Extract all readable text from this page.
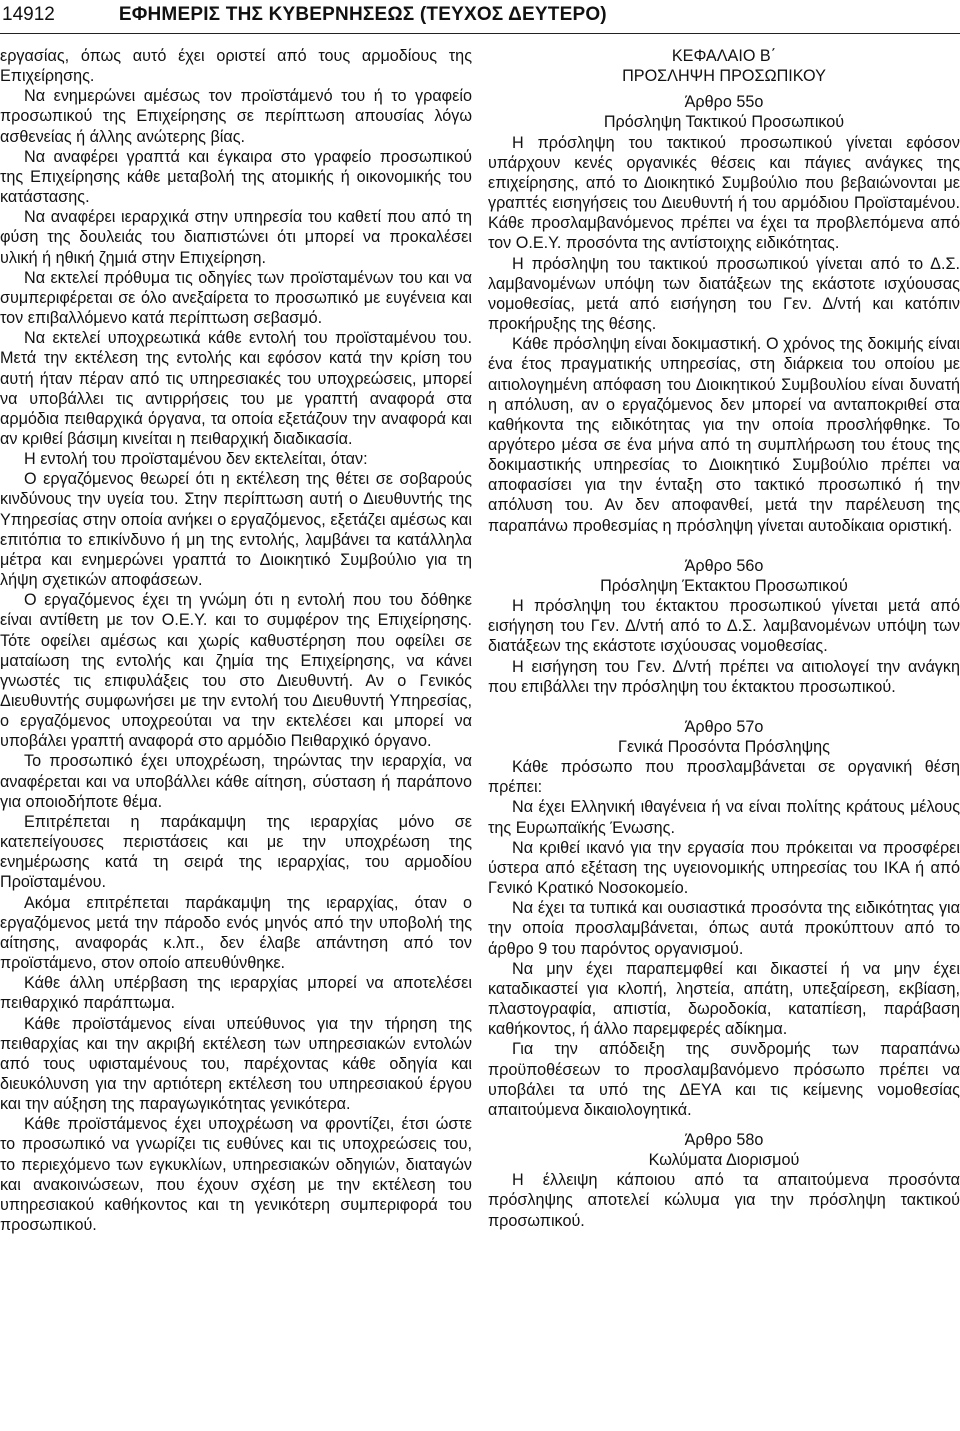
14912	ΕΦΗΜΕΡΙΣ ΤΗΣ ΚΥΒΕΡΝΗΣΕΩΣ (ΤΕΥΧΟΣ ΔΕΥΤΕΡΟ)

εργασίας, όπως αυτό έχει οριστεί από τους αρμοδίους της Επιχείρησης.

Να ενημερώνει αμέσως τον προϊστάμενό του ή το γραφείο προσωπικού της Επιχείρησης σε περίπτωση απουσίας λόγω ασθενείας ή άλλης ανώτερης βίας.

Να αναφέρει γραπτά και έγκαιρα στο γραφείο προσωπικού της Επιχείρησης κάθε μεταβολή της ατομικής ή οικονομικής του κατάστασης.

Να αναφέρει ιεραρχικά στην υπηρεσία του καθετί που από τη φύση της δουλειάς του διαπιστώνει ότι μπορεί να προκαλέσει υλική ή ηθική ζημιά στην Επιχείρηση.

Να εκτελεί πρόθυμα τις οδηγίες των προϊσταμένων του και να συμπεριφέρεται σε όλο ανεξαίρετα το προσωπικό με ευγένεια και τον επιβαλλόμενο κατά περίπτωση σεβασμό.

Να εκτελεί υποχρεωτικά κάθε εντολή του προϊσταμένου του. Μετά την εκτέλεση της εντολής και εφόσον κατά την κρίση του αυτή ήταν πέραν από τις υπηρεσιακές του υποχρεώσεις, μπορεί να υποβάλλει τις αντιρρήσεις του με γραπτή αναφορά στα αρμόδια πειθαρχικά όργανα, τα οποία εξετάζουν την αναφορά και αν κριθεί βάσιμη κινείται η πειθαρχική διαδικασία.

Η εντολή του προϊσταμένου δεν εκτελείται, όταν:

Ο εργαζόμενος θεωρεί ότι η εκτέλεση της θέτει σε σοβαρούς κινδύνους την υγεία του. Στην περίπτωση αυτή ο Διευθυντής της Υπηρεσίας στην οποία ανήκει ο εργαζόμενος, εξετάζει αμέσως και επιτόπια το επικίνδυνο ή μη της εντολής, λαμβάνει τα κατάλληλα μέτρα και ενημερώνει γραπτά το Διοικητικό Συμβούλιο για τη λήψη σχετικών αποφάσεων.

Ο εργαζόμενος έχει τη γνώμη ότι η εντολή που του δόθηκε είναι αντίθετη με τον Ο.Ε.Υ. και το συμφέρον της Επιχείρησης. Τότε οφείλει αμέσως και χωρίς καθυστέρηση που οφείλει σε ματαίωση της εντολής και ζημία της Επιχείρησης, να κάνει γνωστές τις επιφυλάξεις του στο Διευθυντή. Αν ο Γενικός Διευθυντής συμφωνήσει με την εντολή του Διευθυντή Υπηρεσίας, ο εργαζόμενος υποχρεούται να την εκτελέσει και μπορεί να υποβάλει γραπτή αναφορά στο αρμόδιο Πειθαρχικό όργανο.

Το προσωπικό έχει υποχρέωση, τηρώντας την ιεραρχία, να αναφέρεται και να υποβάλλει κάθε αίτηση, σύσταση ή παράπονο για οποιοδήποτε θέμα.

Επιτρέπεται η παράκαμψη της ιεραρχίας μόνο σε κατεπείγουσες περιστάσεις και με την υποχρέωση της ενημέρωσης κατά τη σειρά της ιεραρχίας, του αρμοδίου Προϊσταμένου.

Ακόμα επιτρέπεται παράκαμψη της ιεραρχίας, όταν ο εργαζόμενος μετά την πάροδο ενός μηνός από την υποβολή της αίτησης, αναφοράς κ.λπ., δεν έλαβε απάντηση από τον προϊστάμενο, στον οποίο απευθύνθηκε.

Κάθε άλλη υπέρβαση της ιεραρχίας μπορεί να αποτελέσει πειθαρχικό παράπτωμα.

Κάθε προϊστάμενος είναι υπεύθυνος για την τήρηση της πειθαρχίας και την ακριβή εκτέλεση των υπηρεσιακών εντολών από τους υφισταμένους του, παρέχοντας κάθε οδηγία και διευκόλυνση για την αρτιότερη εκτέλεση του υπηρεσιακού έργου και την αύξηση της παραγωγικότητας γενικότερα.

Κάθε προϊστάμενος έχει υποχρέωση να φροντίζει, έτσι ώστε το προσωπικό να γνωρίζει τις ευθύνες και τις υποχρεώσεις του, το περιεχόμενο των εγκυκλίων, υπηρεσιακών οδηγιών, διαταγών και ανακοινώσεων, που έχουν σχέση με την εκτέλεση του υπηρεσιακού καθήκοντος και τη γενικότερη συμπεριφορά του προσωπικού.

ΚΕΦΑΛΑΙΟ Β΄

ΠΡΟΣΛΗΨΗ ΠΡΟΣΩΠΙΚΟΥ

Άρθρο 55ο

Πρόσληψη Τακτικού Προσωπικού

Η πρόσληψη του τακτικού προσωπικού γίνεται εφόσον υπάρχουν κενές οργανικές θέσεις και πάγιες ανάγκες της επιχείρησης, από το Διοικητικό Συμβούλιο που βεβαιώνονται με γραπτές εισηγήσεις του Διευθυντή ή του αρμόδιου Προϊσταμένου. Κάθε προσλαμβανόμενος πρέπει να έχει τα προβλεπόμενα από τον Ο.Ε.Υ. προσόντα της αντίστοιχης ειδικότητας.

Η πρόσληψη του τακτικού προσωπικού γίνεται από το Δ.Σ. λαμβανομένων υπόψη των διατάξεων της εκάστοτε ισχύουσας νομοθεσίας, μετά από εισήγηση του Γεν. Δ/ντή και κατόπιν προκήρυξης της θέσης.

Κάθε πρόσληψη είναι δοκιμαστική. Ο χρόνος της δοκιμής είναι ένα έτος πραγματικής υπηρεσίας, στη διάρκεια του οποίου με αιτιολογημένη απόφαση του Διοικητικού Συμβουλίου είναι δυνατή η απόλυση, αν ο εργαζόμενος δεν μπορεί να ανταποκριθεί στα καθήκοντα της ειδικότητας για την οποία προσλήφθηκε. Το αργότερο μέσα σε ένα μήνα από τη συμπλήρωση του έτους της δοκιμαστικής υπηρεσίας το Διοικητικό Συμβούλιο πρέπει να αποφασίσει για την ένταξη στο τακτικό προσωπικό ή την απόλυση του. Αν δεν αποφανθεί, μετά την παρέλευση της παραπάνω προθεσμίας η πρόσληψη γίνεται αυτοδίκαια οριστική.

Άρθρο 56ο

Πρόσληψη Έκτακτου Προσωπικού

Η πρόσληψη του έκτακτου προσωπικού γίνεται μετά από εισήγηση του Γεν. Δ/ντή από το Δ.Σ. λαμβανομένων υπόψη των διατάξεων της εκάστοτε ισχύουσας νομοθεσίας.

Η εισήγηση του Γεν. Δ/ντή πρέπει να αιτιολογεί την ανάγκη που επιβάλλει την πρόσληψη του έκτακτου προσωπικού.

Άρθρο 57ο

Γενικά Προσόντα Πρόσληψης

Κάθε πρόσωπο που προσλαμβάνεται σε οργανική θέση πρέπει:

Να έχει Ελληνική ιθαγένεια ή να είναι πολίτης κράτους μέλους της Ευρωπαϊκής Ένωσης.

Να κριθεί ικανό για την εργασία που πρόκειται να προσφέρει ύστερα από εξέταση της υγειονομικής υπηρεσίας του ΙΚΑ ή από Γενικό Κρατικό Νοσοκομείο.

Να έχει τα τυπικά και ουσιαστικά προσόντα της ειδικότητας για την οποία προσλαμβάνεται, όπως αυτά προκύπτουν από το άρθρο 9 του παρόντος οργανισμού.

Να μην έχει παραπεμφθεί και δικαστεί ή να μην έχει καταδικαστεί για κλοπή, ληστεία, απάτη, υπεξαίρεση, εκβίαση, πλαστογραφία, απιστία, δωροδοκία, καταπίεση, παράβαση καθήκοντος, ή άλλο παρεμφερές αδίκημα.

Για την απόδειξη της συνδρομής των παραπάνω προϋποθέσεων το προσλαμβανόμενο πρόσωπο πρέπει να υποβάλει τα υπό της ΔΕΥΑ και τις κείμενης νομοθεσίας απαιτούμενα δικαιολογητικά.

Άρθρο 58ο

Κωλύματα Διορισμού

Η έλλειψη κάποιου από τα απαιτούμενα προσόντα πρόσληψης αποτελεί κώλυμα για την πρόσληψη τακτικού προσωπικού.
